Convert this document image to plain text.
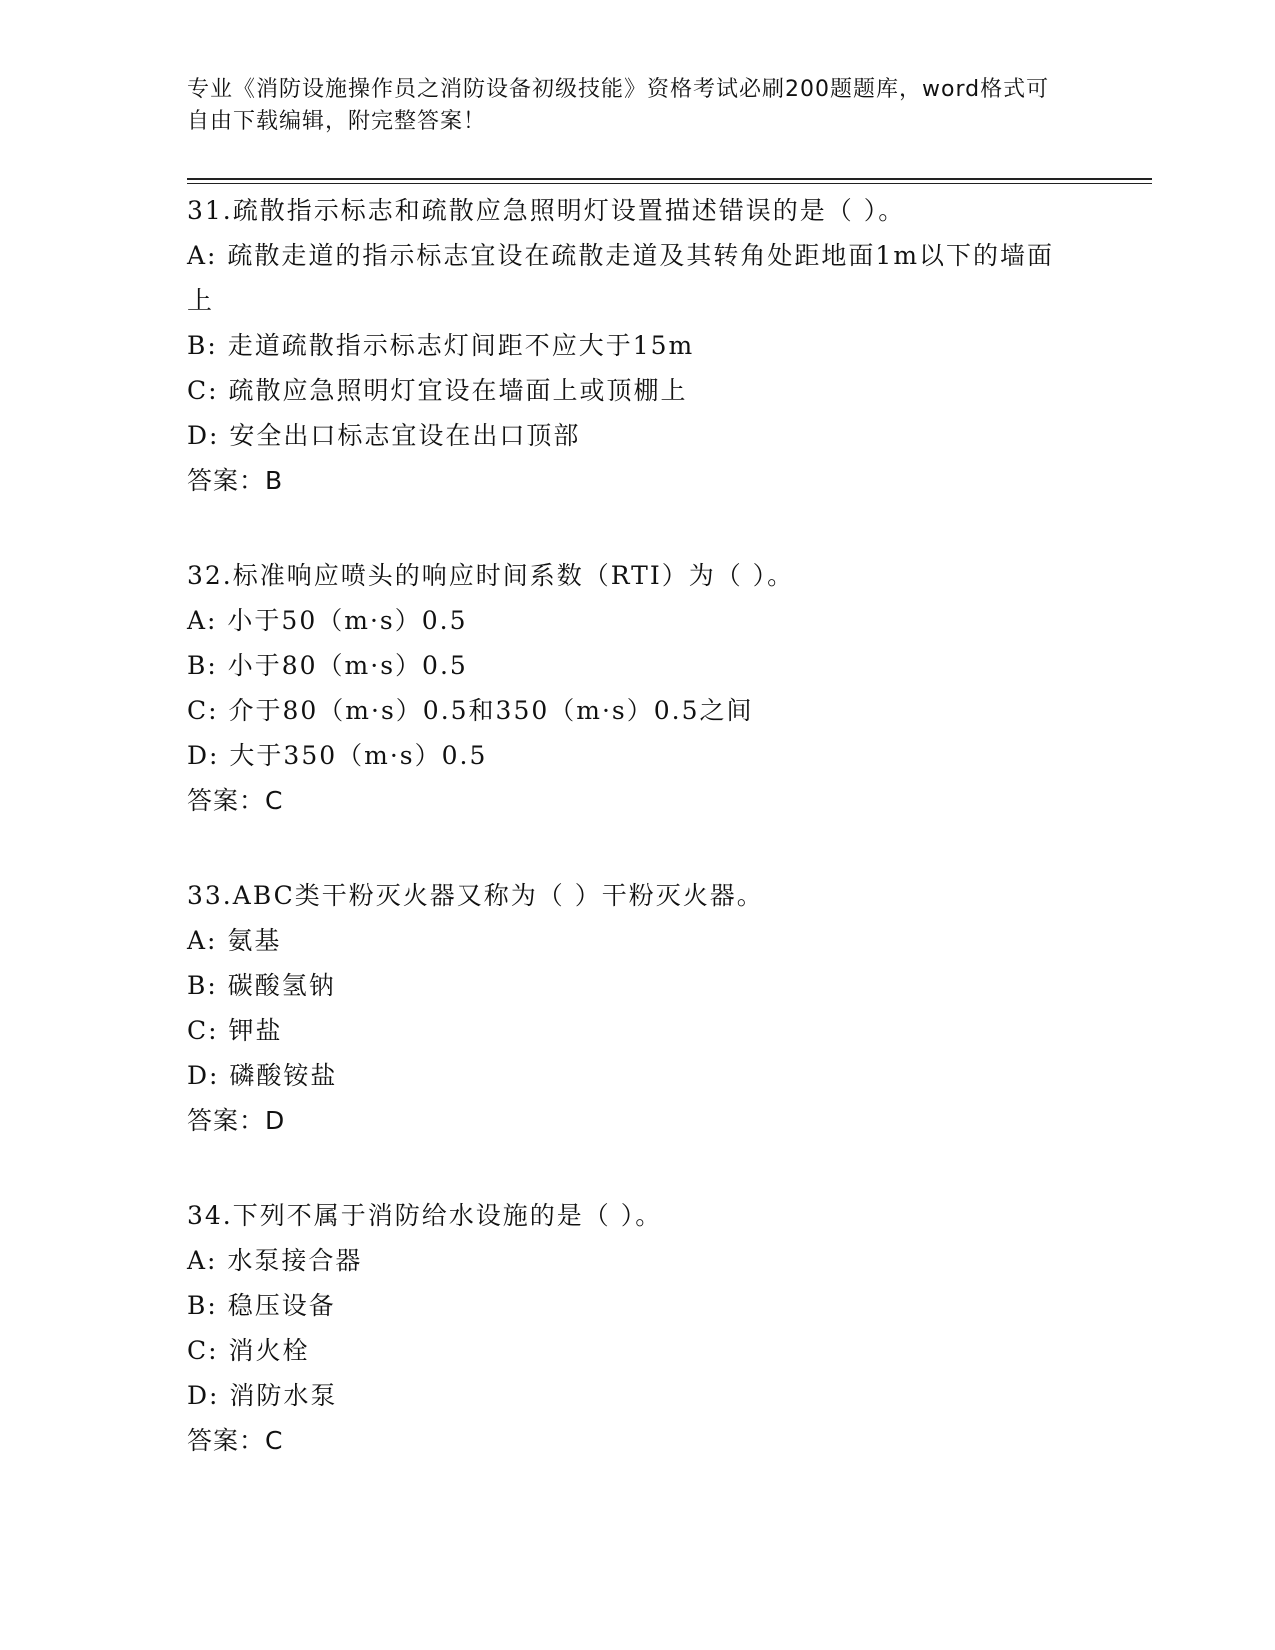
专业《消防设施操作员之消防设备初级技能》资格考试必刷200题题库，word格式可自由下载编辑，附完整答案！
31.疏散指示标志和疏散应急照明灯设置描述错误的是（ ）。
A: 疏散走道的指示标志宜设在疏散走道及其转角处距地面1m以下的墙面上
B: 走道疏散指示标志灯间距不应大于15m
C: 疏散应急照明灯宜设在墙面上或顶棚上
D: 安全出口标志宜设在出口顶部
答案：B
32.标准响应喷头的响应时间系数（RTI）为（ ）。
A: 小于50（m·s）0.5
B: 小于80（m·s）0.5
C: 介于80（m·s）0.5和350（m·s）0.5之间
D: 大于350（m·s）0.5
答案：C
33.ABC类干粉灭火器又称为（ ）干粉灭火器。
A: 氨基
B: 碳酸氢钠
C: 钾盐
D: 磷酸铵盐
答案：D
34.下列不属于消防给水设施的是（ ）。
A: 水泵接合器
B: 稳压设备
C: 消火栓
D: 消防水泵
答案：C
